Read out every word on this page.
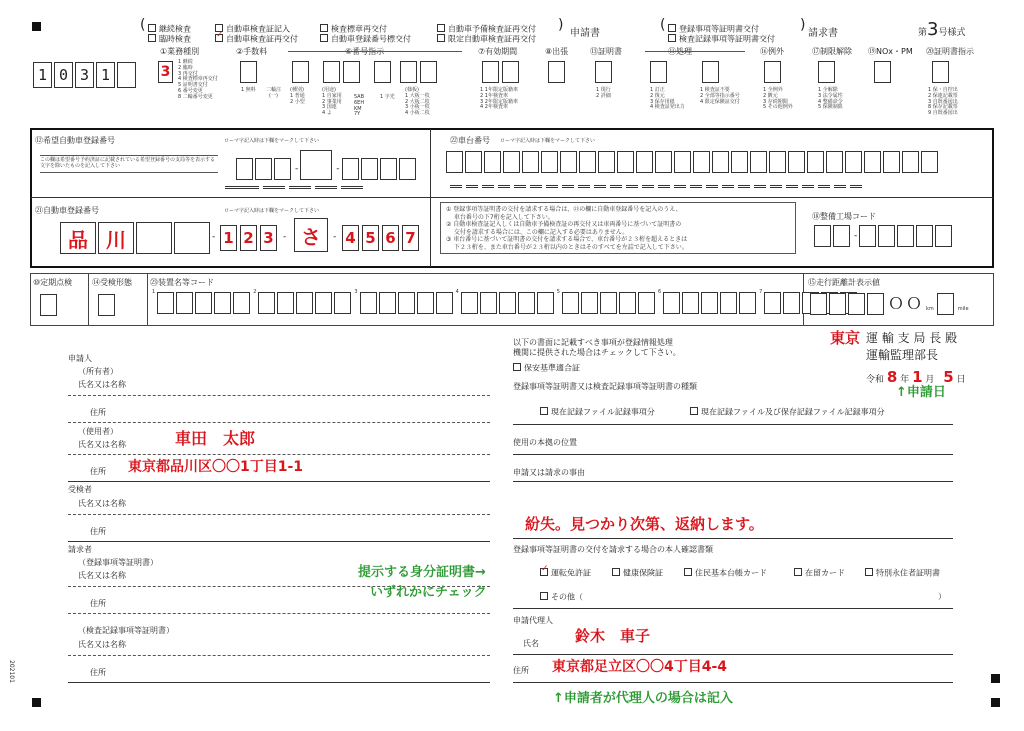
(	継続検査
臨時検査
自動車検査証記入
✓自動車検査証再交付
検査標章再交付
自動車登録番号標交付
自動車予備検査証再交付
限定自動車検査証再交付
)
申請書
(	登録事項等証明書交付
検査記録事項等証明書交付
)
請求書	第3号様式
1 0 3 1
①業務種別
3
1 継続
2 臨時
3 再交付
4 検査標章再交付
5 証明書交付
6 番号変更
8 二輪番号変更
②手数料
1 無料
⑥番号指示
二輪注
(一)
(種別)
1 普通
2 小型
(用途)
1 自家用
2 事業用
3 国連
4 よ
5AB
6EH
KM
7Y
1 字光
(様板)
1 大板一枚
2 大板二枚
3 小板一枚
4 小板二枚
⑦有効期間
1 1年限定版籍車
2 1年検査車
3 2年限定版籍車
4 2年検査車
⑧出張	⑬証明書
1 現行
2 詳細
⑪処理
1 訂正
2 復元
3 保存用紙
4 検査証発出力
1 検査証不要
2 全部等指示番号
4 限定保険証交付
⑯例外
1 全例外
2 鍍元
3 存続期間
5 その他例外
⑰制限解除
1 全解除
3 法令属性
4 整備命令
5 保険制限
⑲NOx・PM ⑳証明書指示
1 保・自控出
2 保連記載票
3 自既番図出
8 保存記載票
9 自既番図出
⑫希望自動車登録番号	ローマ字記入時は下欄をマークして下さい
この欄は希望番号予約済証に記載されている希望登録番号の支局等を表示する文字を除いたものを記入して下さい	-	-
㉒車台番号 ローマ字記入時は下欄をマークして下さい
㉑自動車登録番号	ローマ字記入時は下欄をマークして下さい
品 川	- 1 2 3	- さ	- 4 5 6 7
① 登録事項等証明書の交付を請求する場合は、㉑の欄に自動車登録番号を記入のうえ、
　 車台番号の下7桁を記入して下さい。
② 自動車検査証記入しくは自動車予備検査証の再交付又は車両番号に基づいて証明書の
　 交付を請求する場合には、この欄に記入する必要はありません。
③ 車台番号に基づいて証明書の交付を請求する場合で、車台番号が２３桁を超えるときは
　 下２３桁を、また車台番号が２３桁以内のときはそのすべてを左詰で記入して下さい。
⑱整備工場コード
-
⑩定期点検 ⑭受検形態 ㉓装置名等コード
1	2	3	4	5	6	7
⑮走行距離計表示値
ＯＯ km	mile
申請人
（所有者）
氏名又は名称
住所
（使用者）
氏名又は名称	車田　太郎
住所 東京都品川区〇〇1丁目1-1
受検者
氏名又は名称
住所
請求者
（登録事項等証明書）
氏名又は名称
住所
（検査記録事項等証明書）
氏名又は名称
住所
202101
以下の書面に記載すべき事項が登録情報処理
機関に提供された場合はチェックして下さい。
保安基準適合証
登録事項等証明書又は検査記録事項等証明書の種類
現在記録ファイル記録事項分	現在記録ファイル及び保存記録ファイル記録事項分
使用の本拠の位置
申請又は請求の事由
紛失。見つかり次第、返納します。
登録事項等証明書の交付を請求する場合の本人確認書類
✓運転免許証	健康保険証	住民基本台帳カード	在留カード	特別永住者証明書
その他（	）
申請代理人
氏名 鈴木　車子
住所 東京都足立区〇〇4丁目4-4
東京 運 輸 支 局 長 殿
運輸監理部長
令和 8 年 1 月 5 日
↑申請日
提示する身分証明書→
いずれかにチェック
↑申請者が代理人の場合は記入
